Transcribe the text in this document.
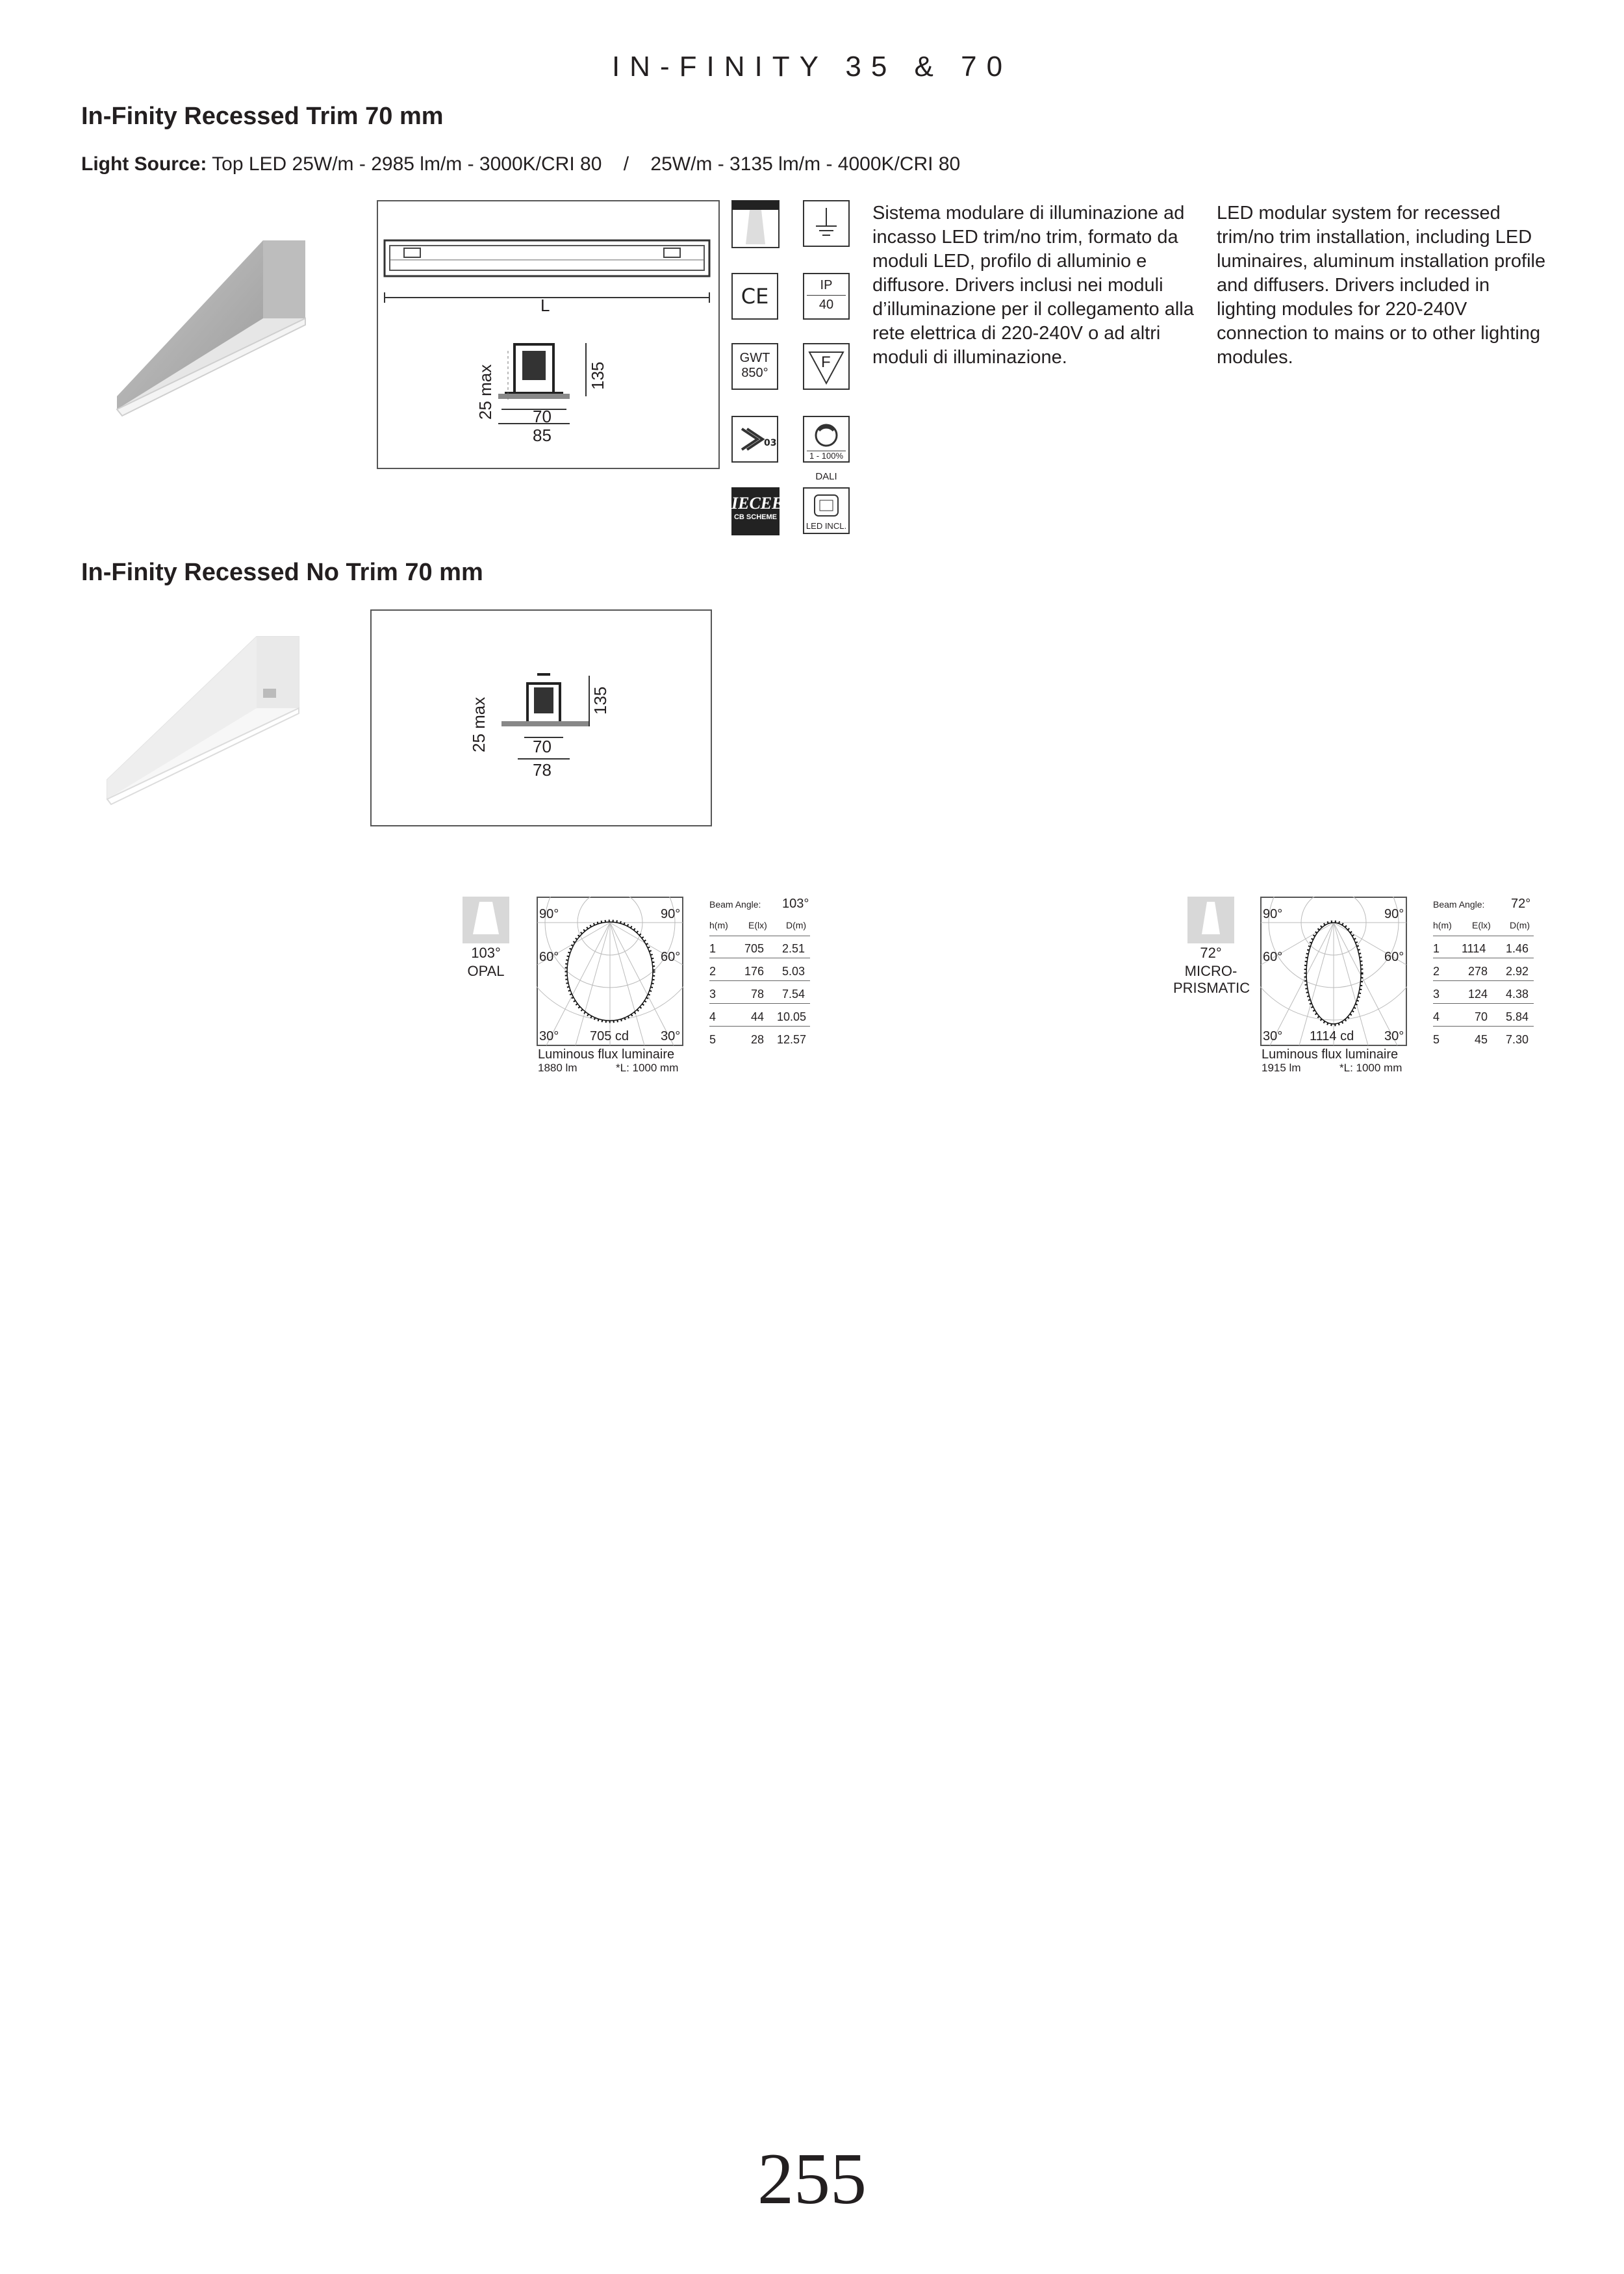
IN-FINITY 35 & 70
In-Finity Recessed Trim 70 mm
Light Source: Top LED 25W/m - 2985 lm/m - 3000K/CRI 80    /    25W/m - 3135 lm/m - 4000K/CRI 80
L
135
25 max 70
85
CE	IP
40
GWT
850°
F
03
1 - 100%
DALI
IECEE
CB SCHEME
LED INCL.
Sistema modulare di illuminazione ad incasso LED trim/no trim, formato da moduli LED, profilo di alluminio e diffusore. Drivers inclusi nei moduli d’illuminazione per il collegamento alla rete elettrica di 220-240V o ad altri moduli di illuminazione.
LED modular system for recessed trim/no trim installation, including LED luminaires, aluminum installation profile and diffusers. Drivers included in lighting modules for 220-240V connection to mains or to other lighting modules.
In-Finity Recessed No Trim 70 mm
135
25 max	70
78
103°
OPAL
90°	90°
60°	60°
30°	30°
705 cd
Luminous flux luminaire
1880 lm	*L: 1000 mm
Beam Angle: 103°
h(m) E(lx) D(m)
1 705 2.51
2 176 5.03
3	78 7.54
4	44 10.05
5	28 12.57
72°
MICRO-
PRISMATIC
90°	90°
60°	60°
30°	30°
1114 cd
Luminous flux luminaire
1915 lm	*L: 1000 mm
Beam Angle: 72°
h(m) E(lx) D(m)
1 1114 1.46
2 278 2.92
3 124 4.38
4	70 5.84
5	45 7.30
255
